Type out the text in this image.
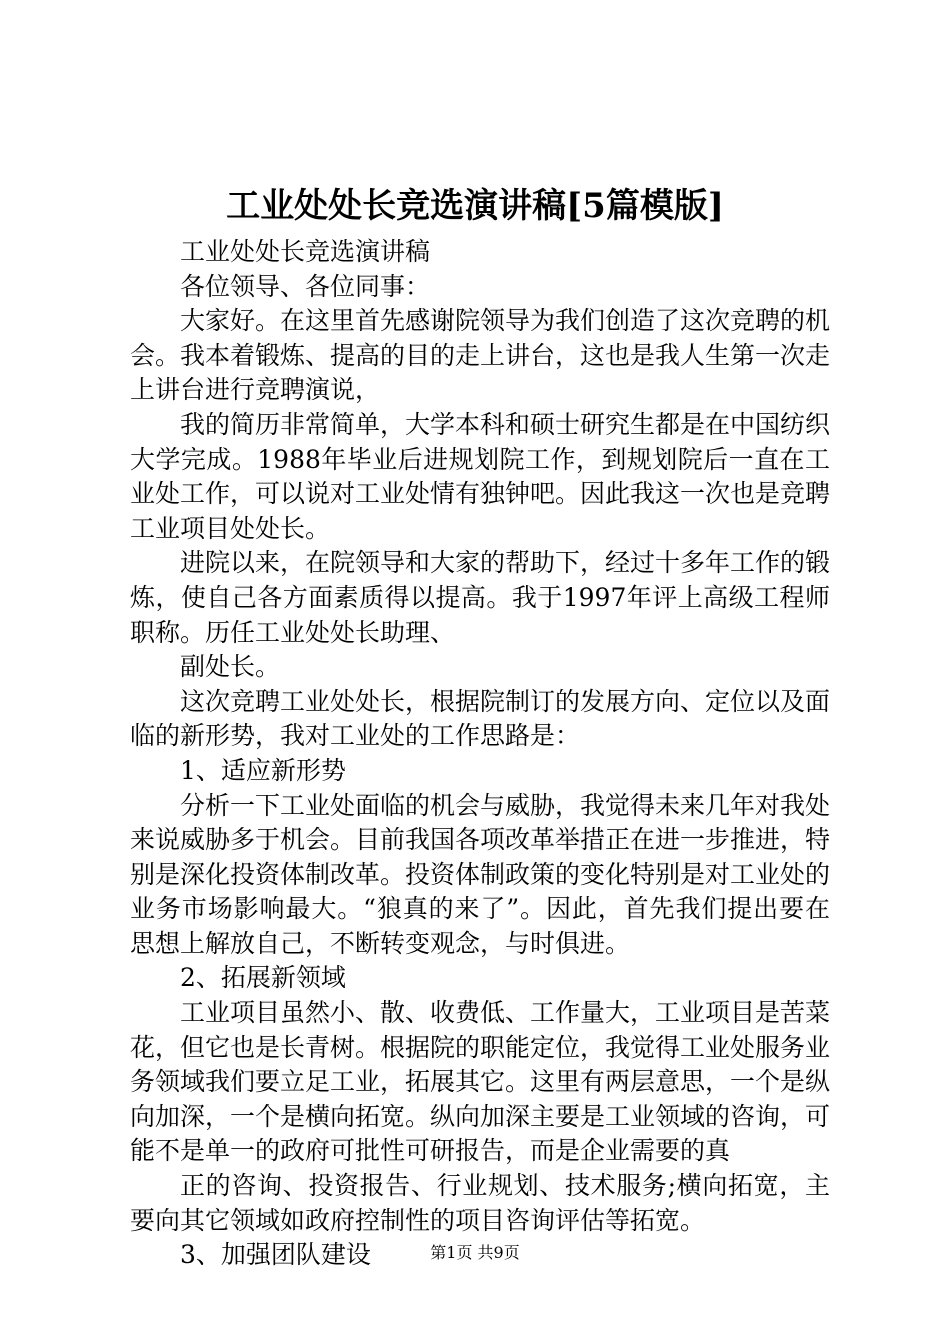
工业处处长竞选演讲稿[5篇模版]

工业处处长竞选演讲稿

各位领导、各位同事：

大家好。在这里首先感谢院领导为我们创造了这次竞聘的机会。我本着锻炼、提高的目的走上讲台，这也是我人生第一次走上讲台进行竞聘演说，

我的简历非常简单，大学本科和硕士研究生都是在中国纺织大学完成。1988年毕业后进规划院工作，到规划院后一直在工业处工作，可以说对工业处情有独钟吧。因此我这一次也是竞聘工业项目处处长。

进院以来，在院领导和大家的帮助下，经过十多年工作的锻炼，使自己各方面素质得以提高。我于1997年评上高级工程师职称。历任工业处处长助理、

副处长。

这次竞聘工业处处长，根据院制订的发展方向、定位以及面临的新形势，我对工业处的工作思路是：

1、适应新形势

分析一下工业处面临的机会与威胁，我觉得未来几年对我处来说威胁多于机会。目前我国各项改革举措正在进一步推进，特别是深化投资体制改革。投资体制政策的变化特别是对工业处的业务市场影响最大。“狼真的来了”。因此，首先我们提出要在思想上解放自己，不断转变观念，与时俱进。

2、拓展新领域

工业项目虽然小、散、收费低、工作量大，工业项目是苦菜花，但它也是长青树。根据院的职能定位，我觉得工业处服务业务领域我们要立足工业，拓展其它。这里有两层意思，一个是纵向加深，一个是横向拓宽。纵向加深主要是工业领域的咨询，可能不是单一的政府可批性可研报告，而是企业需要的真

正的咨询、投资报告、行业规划、技术服务;横向拓宽，主要向其它领域如政府控制性的项目咨询评估等拓宽。

3、加强团队建设	第1页 共9页
